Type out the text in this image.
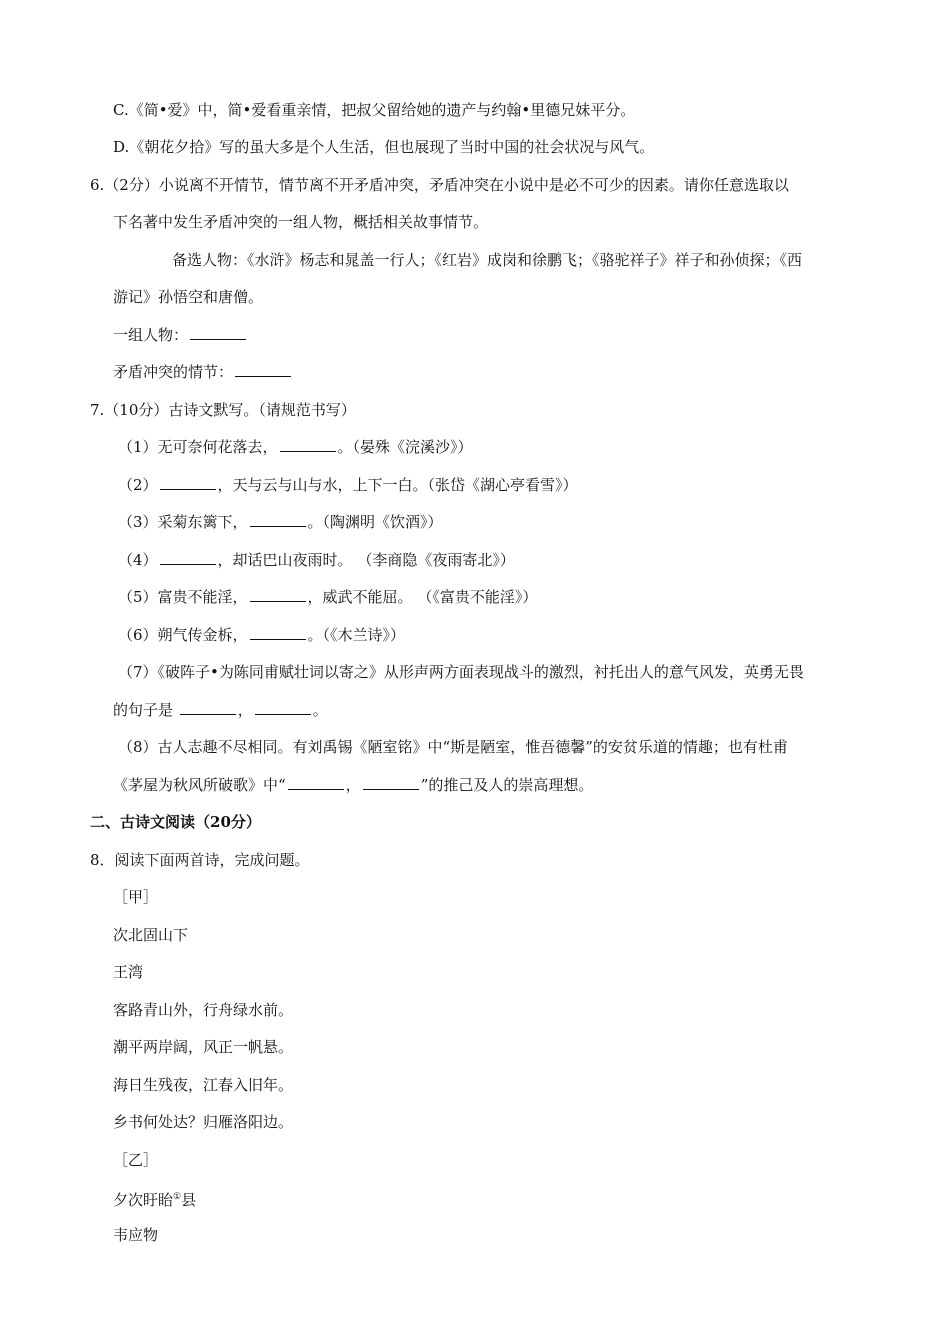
C.《简•爱》中，简•爱看重亲情，把叔父留给她的遗产与约翰•里德兄妹平分。
D.《朝花夕拾》写的虽大多是个人生活，但也展现了当时中国的社会状况与风气。
6.（2分）小说离不开情节，情节离不开矛盾冲突，矛盾冲突在小说中是必不可少的因素。请你任意选取以
下名著中发生矛盾冲突的一组人物，概括相关故事情节。
备选人物：《水浒》杨志和晁盖一行人；《红岩》成岗和徐鹏飞；《骆驼祥子》祥子和孙侦探；《西
游记》孙悟空和唐僧。
一组人物：
矛盾冲突的情节：
7.（10分）古诗文默写。（请规范书写）
（1）无可奈何花落去，	。（晏殊《浣溪沙》）
（2）	，天与云与山与水，上下一白。（张岱《湖心亭看雪》）
（3）采菊东篱下，	。（陶渊明《饮酒》）
（4）	，却话巴山夜雨时。 （李商隐《夜雨寄北》）
（5）富贵不能淫，	，威武不能屈。 （《富贵不能淫》）
（6）朔气传金柝，	。（《木兰诗》）
（7）《破阵子•为陈同甫赋壮词以寄之》从形声两方面表现战斗的激烈，衬托出人的意气风发，英勇无畏
的句子是	，	。
（8）古人志趣不尽相同。有刘禹锡《陋室铭》中“斯是陋室，惟吾德馨”的安贫乐道的情趣；也有杜甫
《茅屋为秋风所破歌》中“	，	”的推己及人的崇高理想。
二、古诗文阅读（20分）
8．阅读下面两首诗，完成问题。
［甲］
次北固山下
王湾
客路青山外，行舟绿水前。
潮平两岸阔，风正一帆悬。
海日生残夜，江春入旧年。
乡书何处达？归雁洛阳边。
［乙］
夕次盱眙①县
韦应物
